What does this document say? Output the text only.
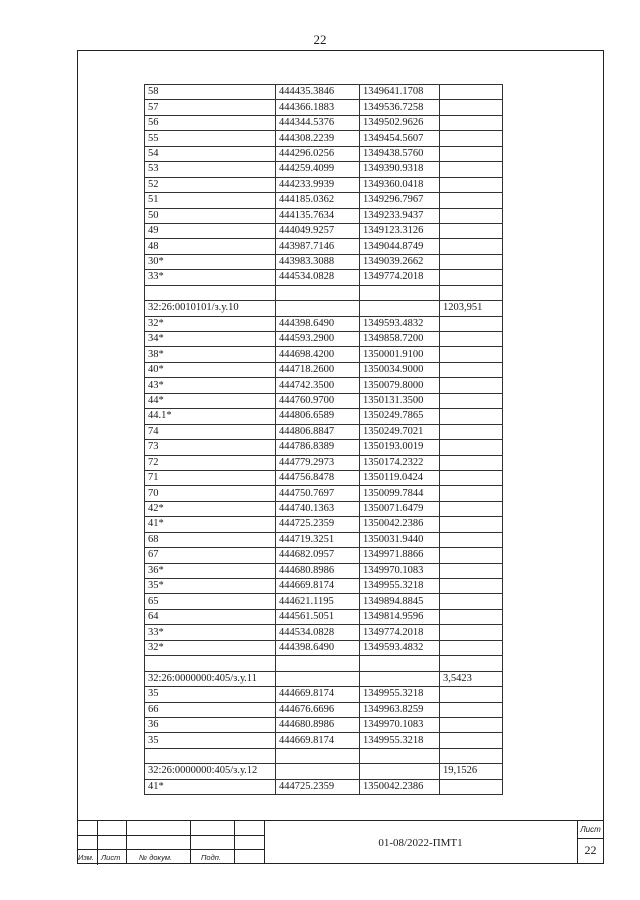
22
58	444435.3846	1349641.1708	
57	444366.1883	1349536.7258	
56	444344.5376	1349502.9626	
55	444308.2239	1349454.5607	
54	444296.0256	1349438.5760	
53	444259.4099	1349390.9318	
52	444233.9939	1349360.0418	
51	444185.0362	1349296.7967	
50	444135.7634	1349233.9437	
49	444049.9257	1349123.3126	
48	443987.7146	1349044.8749	
30*	443983.3088	1349039.2662	
33*	444534.0828	1349774.2018	

32:26:0010101/з.у.10			1203,951
32*	444398.6490	1349593.4832	
34*	444593.2900	1349858.7200	
38*	444698.4200	1350001.9100	
40*	444718.2600	1350034.9000	
43*	444742.3500	1350079.8000	
44*	444760.9700	1350131.3500	
44.1*	444806.6589	1350249.7865	
74	444806.8847	1350249.7021	
73	444786.8389	1350193.0019	
72	444779.2973	1350174.2322	
71	444756.8478	1350119.0424	
70	444750.7697	1350099.7844	
42*	444740.1363	1350071.6479	
41*	444725.2359	1350042.2386	
68	444719.3251	1350031.9440	
67	444682.0957	1349971.8866	
36*	444680.8986	1349970.1083	
35*	444669.8174	1349955.3218	
65	444621.1195	1349894.8845	
64	444561.5051	1349814.9596	
33*	444534.0828	1349774.2018	
32*	444398.6490	1349593.4832	

32:26:0000000:405/з.у.11			3,5423
35	444669.8174	1349955.3218	
66	444676.6696	1349963.8259	
36	444680.8986	1349970.1083	
35	444669.8174	1349955.3218	

32:26:0000000:405/з.у.12			19,1526
41*	444725.2359	1350042.2386	
Изм. Лист № докум.	Подп.
01-08/2022-ПМТ1
Лист
22
